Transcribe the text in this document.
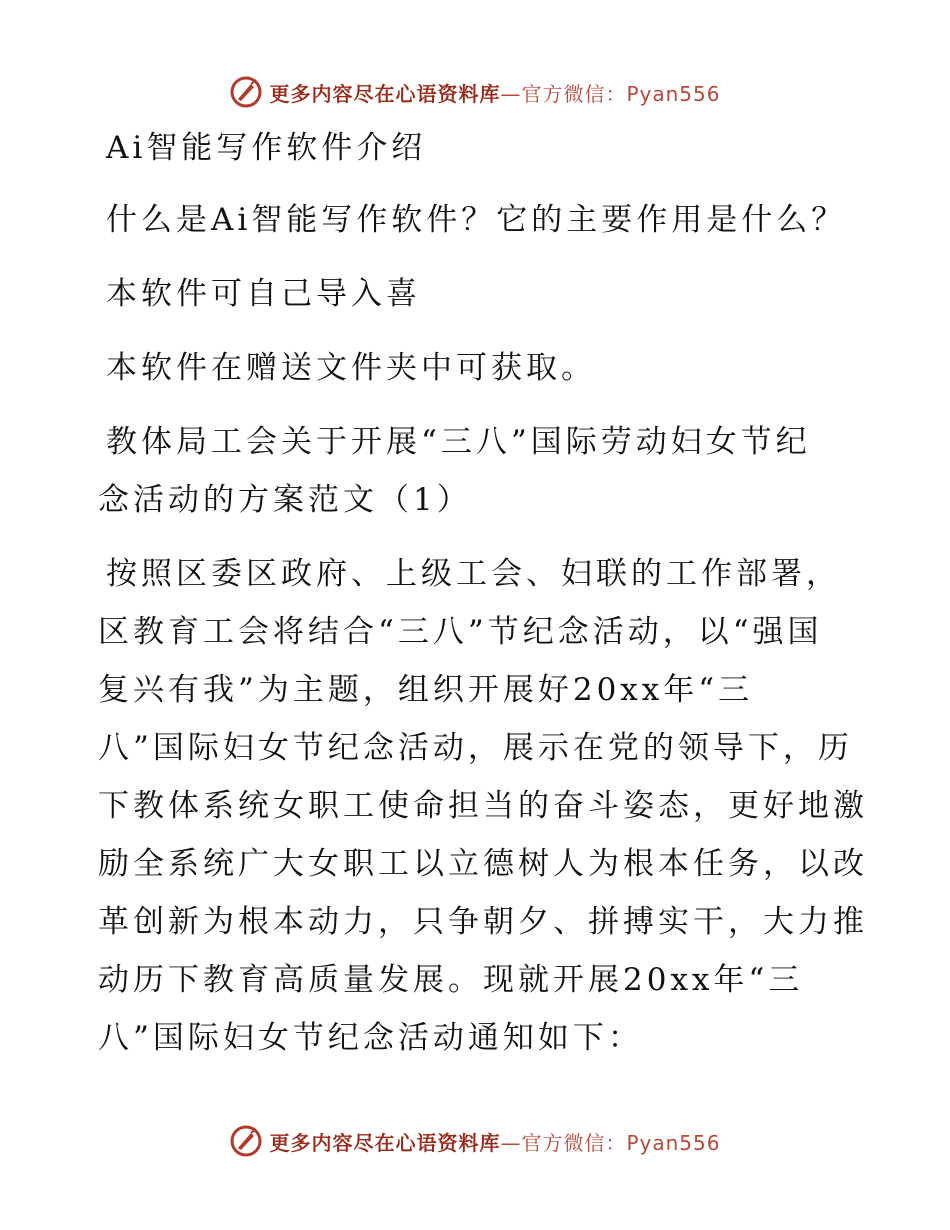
更多内容尽在心语资料库—官方微信：Pyan556
Ai智能写作软件介绍
什么是Ai智能写作软件？它的主要作用是什么？
本软件可自己导入喜
本软件在赠送文件夹中可获取。
教体局工会关于开展“三八”国际劳动妇女节纪
念活动的方案范文（1）
按照区委区政府、上级工会、妇联的工作部署，
区教育工会将结合“三八”节纪念活动，以“强国
复兴有我”为主题，组织开展好20xx年“三
八”国际妇女节纪念活动，展示在党的领导下，历
下教体系统女职工使命担当的奋斗姿态，更好地激
励全系统广大女职工以立德树人为根本任务，以改
革创新为根本动力，只争朝夕、拼搏实干，大力推
动历下教育高质量发展。现就开展20xx年“三
八”国际妇女节纪念活动通知如下：
更多内容尽在心语资料库—官方微信：Pyan556
